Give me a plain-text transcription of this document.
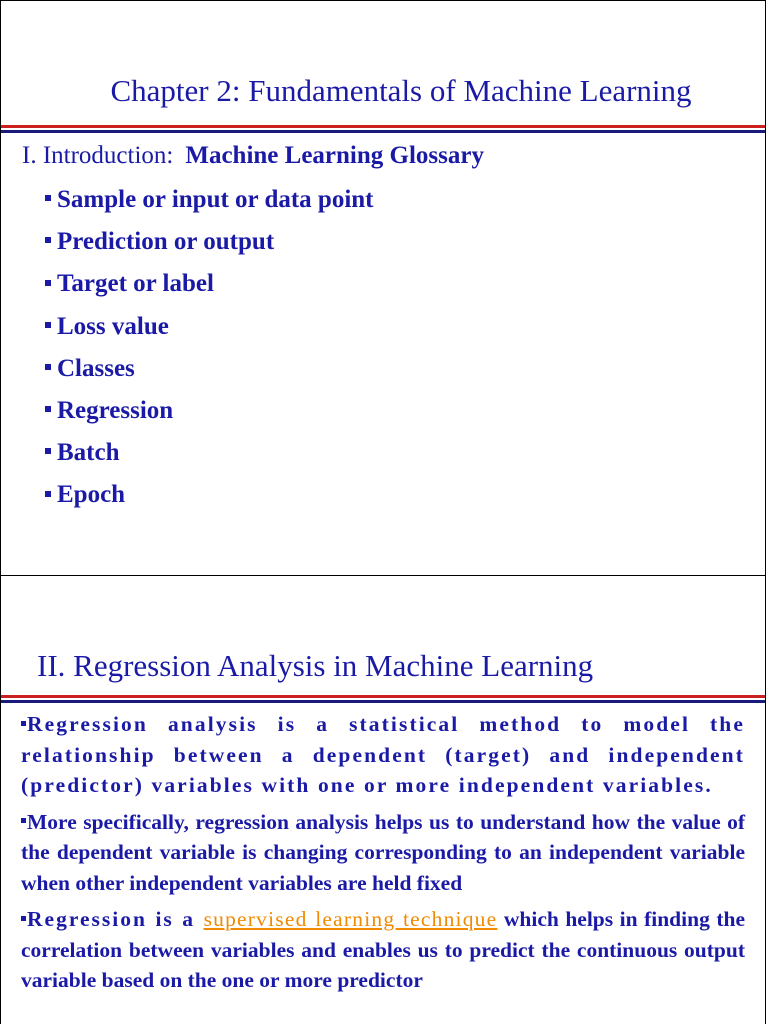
Chapter 2: Fundamentals of Machine Learning
I. Introduction: Machine Learning Glossary
Sample or input or data point
Prediction or output
Target or label
Loss value
Classes
Regression
Batch
Epoch
II. Regression Analysis in Machine Learning

Regression analysis is a statistical method to model the relationship between a dependent (target) and independent (predictor) variables with one or more independent variables.

More specifically, regression analysis helps us to understand how the value of the dependent variable is changing corresponding to an independent variable when other independent variables are held fixed

Regression is a supervised learning technique which helps in finding the correlation between variables and enables us to predict the continuous output variable based on the one or more predictor
